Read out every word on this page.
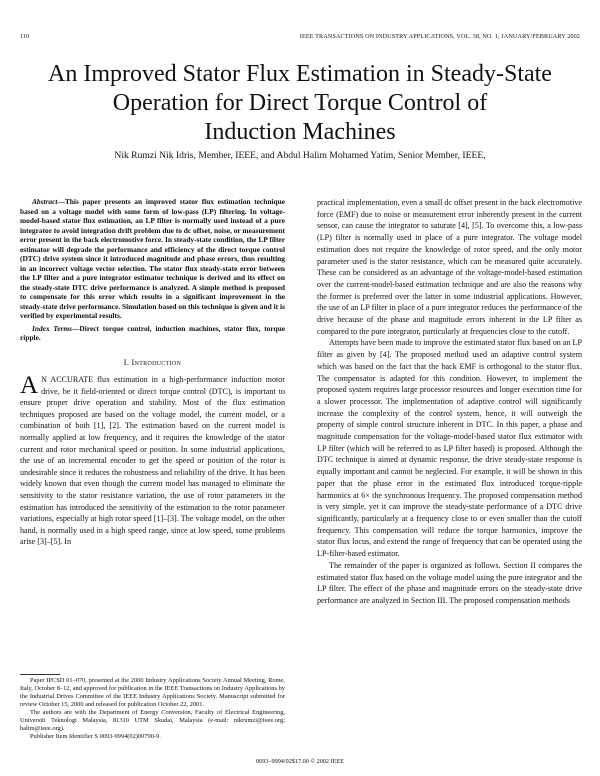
110	IEEE TRANSACTIONS ON INDUSTRY APPLICATIONS, VOL. 38, NO. 1, JANUARY/FEBRUARY 2002
An Improved Stator Flux Estimation in Steady-State
Operation for Direct Torque Control of
Induction Machines
Nik Rumzi Nik Idris, Member, IEEE, and Abdul Halim Mohamed Yatim, Senior Member, IEEE,

Abstract—This paper presents an improved stator flux estimation technique based on a voltage model with some form of low-pass (LP) filtering. In voltage-model-based stator flux estimation, an LP filter is normally used instead of a pure integrator to avoid integration drift problem due to dc offset, noise, or measurement error present in the back electromotive force. In steady-state condition, the LP filter estimator will degrade the performance and efficiency of the direct torque control (DTC) drive system since it introduced magnitude and phase errors, thus resulting in an incorrect voltage vector selection. The stator flux steady-state error between the LP filter and a pure integrator estimator technique is derived and its effect on the steady-state DTC drive performance is analyzed. A simple method is proposed to compensate for this error which results in a significant improvement in the steady-state drive performance. Simulation based on this technique is given and it is verified by experimental results.

Index Terms—Direct torque control, induction machines, stator flux, torque ripple.

I. Introduction

A N ACCURATE flux estimation in a high-performance induction motor drive, be it field-oriented or direct torque control (DTC), is important to ensure proper drive operation and stability. Most of the flux estimation techniques proposed are based on the voltage model, the current model, or a combination of both [1], [2]. The estimation based on the current model is normally applied at low frequency, and it requires the knowledge of the stator current and rotor mechanical speed or position. In some industrial applications, the use of an incremental encoder to get the speed or position of the rotor is undesirable since it reduces the robustness and reliability of the drive. It has been widely known that even though the current model has managed to eliminate the sensitivity to the stator resistance variation, the use of rotor parameters in the estimation has introduced the sensitivity of the estimation to the rotor parameter variations, especially at high rotor speed [1]–[3]. The voltage model, on the other hand, is normally used in a high speed range, since at low speed, some problems arise [3]–[5]. In

Paper IPCSD 01–070, presented at the 2000 Industry Applications Society Annual Meeting, Rome, Italy, October 8–12, and approved for publication in the IEEE Transactions on Industry Applications by the Industrial Drives Committee of the IEEE Industry Applications Society. Manuscript submitted for review October 15, 2000 and released for publication October 22, 2001.

The authors are with the Department of Energy Conversion, Faculty of Electrical Engineering, Universiti Teknologi Malaysia, 81310 UTM Skudai, Malaysia (e-mail: nikrumzi@ieee.org; halim@ieee.org).

Publisher Item Identifier S 0093-9994(02)00790-9.

practical implementation, even a small dc offset present in the back electromotive force (EMF) due to noise or measurement error inherently present in the current sensor, can cause the integrator to saturate [4], [5]. To overcome this, a low-pass (LP) filter is normally used in place of a pure integrator. The voltage model estimation does not require the knowledge of rotor speed, and the only motor parameter used is the stator resistance, which can be measured quite accurately. These can be considered as an advantage of the voltage-model-based estimation over the current-model-based estimation technique and are also the reasons why the former is preferred over the latter in some industrial applications. However, the use of an LP filter in place of a pure integrator reduces the performance of the drive because of the phase and magnitude errors inherent in the LP filter as compared to the pure integrator, particularly at frequencies close to the cutoff.

Attempts have been made to improve the estimated stator flux based on an LP filter as given by [4]. The proposed method used an adaptive control system which was based on the fact that the back EMF is orthogonal to the stator flux. The compensator is adapted for this condition. However, to implement the proposed system requires large processor resources and longer execution time for a slower processor. The implementation of adaptive control will significantly increase the complexity of the control system, hence, it will outweigh the property of simple control structure inherent in DTC. In this paper, a phase and magnitude compensation for the voltage-model-based stator flux estimator with LP filter (which will be referred to as LP filter based) is proposed. Although the DTC technique is aimed at dynamic response, the drive steady-state response is equally important and cannot be neglected. For example, it will be shown in this paper that the phase error in the estimated flux introduced torque-ripple harmonics at 6× the synchronous frequency. The proposed compensation method is very simple, yet it can improve the steady-state performance of a DTC drive significantly, particularly at a frequency close to or even smaller than the cutoff frequency. This compensation will reduce the torque harmonics, improve the stator flux locus, and extend the range of frequency that can be operated using the LP-filter-based estimator.

The remainder of the paper is organized as follows. Section II compares the estimated stator flux based on the voltage model using the pure integrator and the LP filter. The effect of the phase and magnitude errors on the steady-state drive performance are analyzed in Section III. The proposed compensation methods

0093–9994/02$17.00 © 2002 IEEE
